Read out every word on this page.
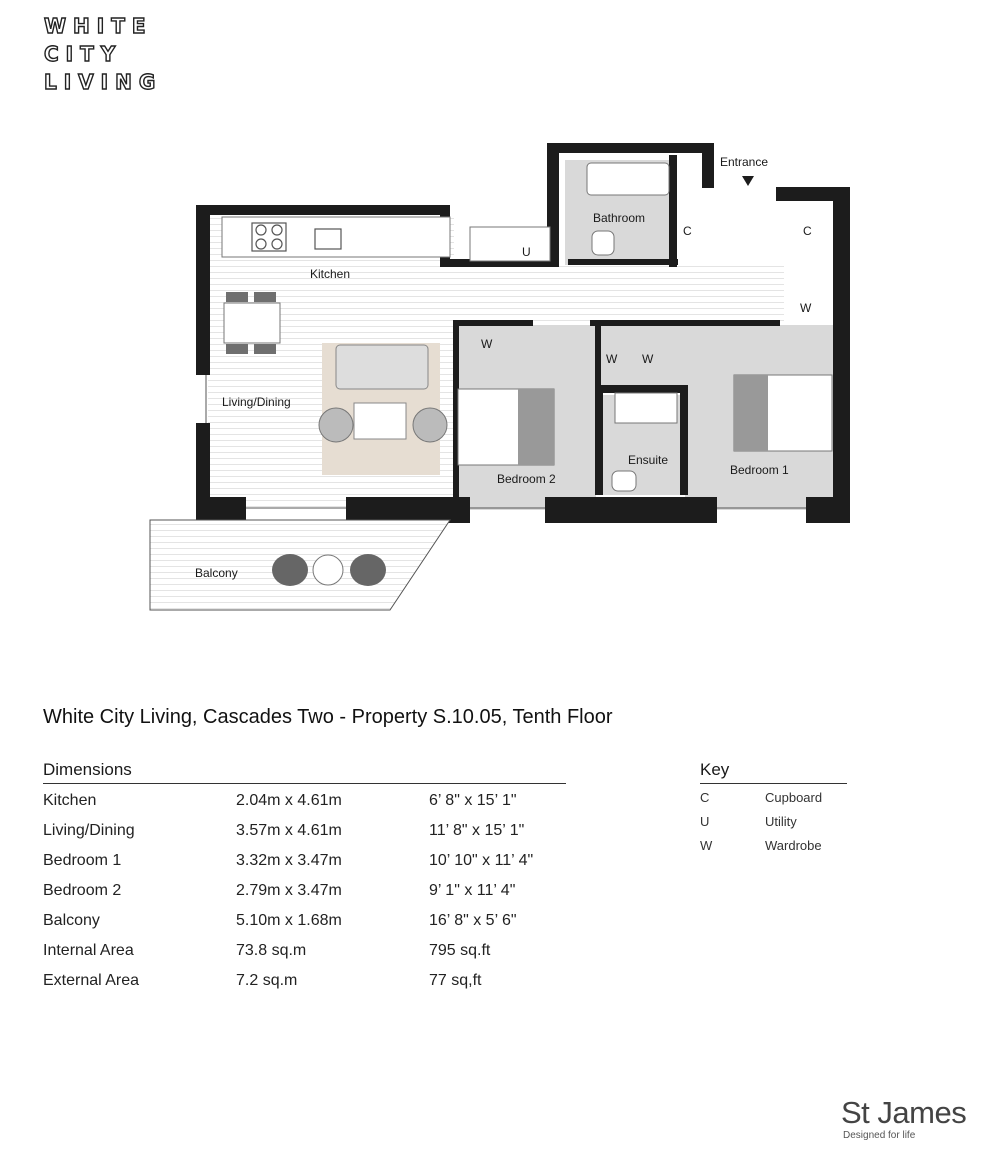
WHITE
CITY
LIVING
Kitchen
Living/Dining
Bathroom
Entrance
Bedroom 2
Bedroom 1
Ensuite
Balcony
C	C
U
W
W W
W
White City Living, Cascades Two - Property S.10.05, Tenth Floor
Dimensions
Kitchen	2.04m x 4.61m	6’ 8" x 15’ 1"
Living/Dining	3.57m x 4.61m	11’ 8" x 15’ 1"
Bedroom 1	3.32m x 3.47m	10’ 10" x 11’ 4"
Bedroom 2	2.79m x 3.47m	9’ 1" x 11’ 4"
Balcony	5.10m x 1.68m	16’ 8" x 5’ 6"
Internal Area	73.8 sq.m	795 sq.ft
External Area	7.2 sq.m	77 sq,ft
Key
C	Cupboard
U	Utility
W	Wardrobe
St James
Designed for life
